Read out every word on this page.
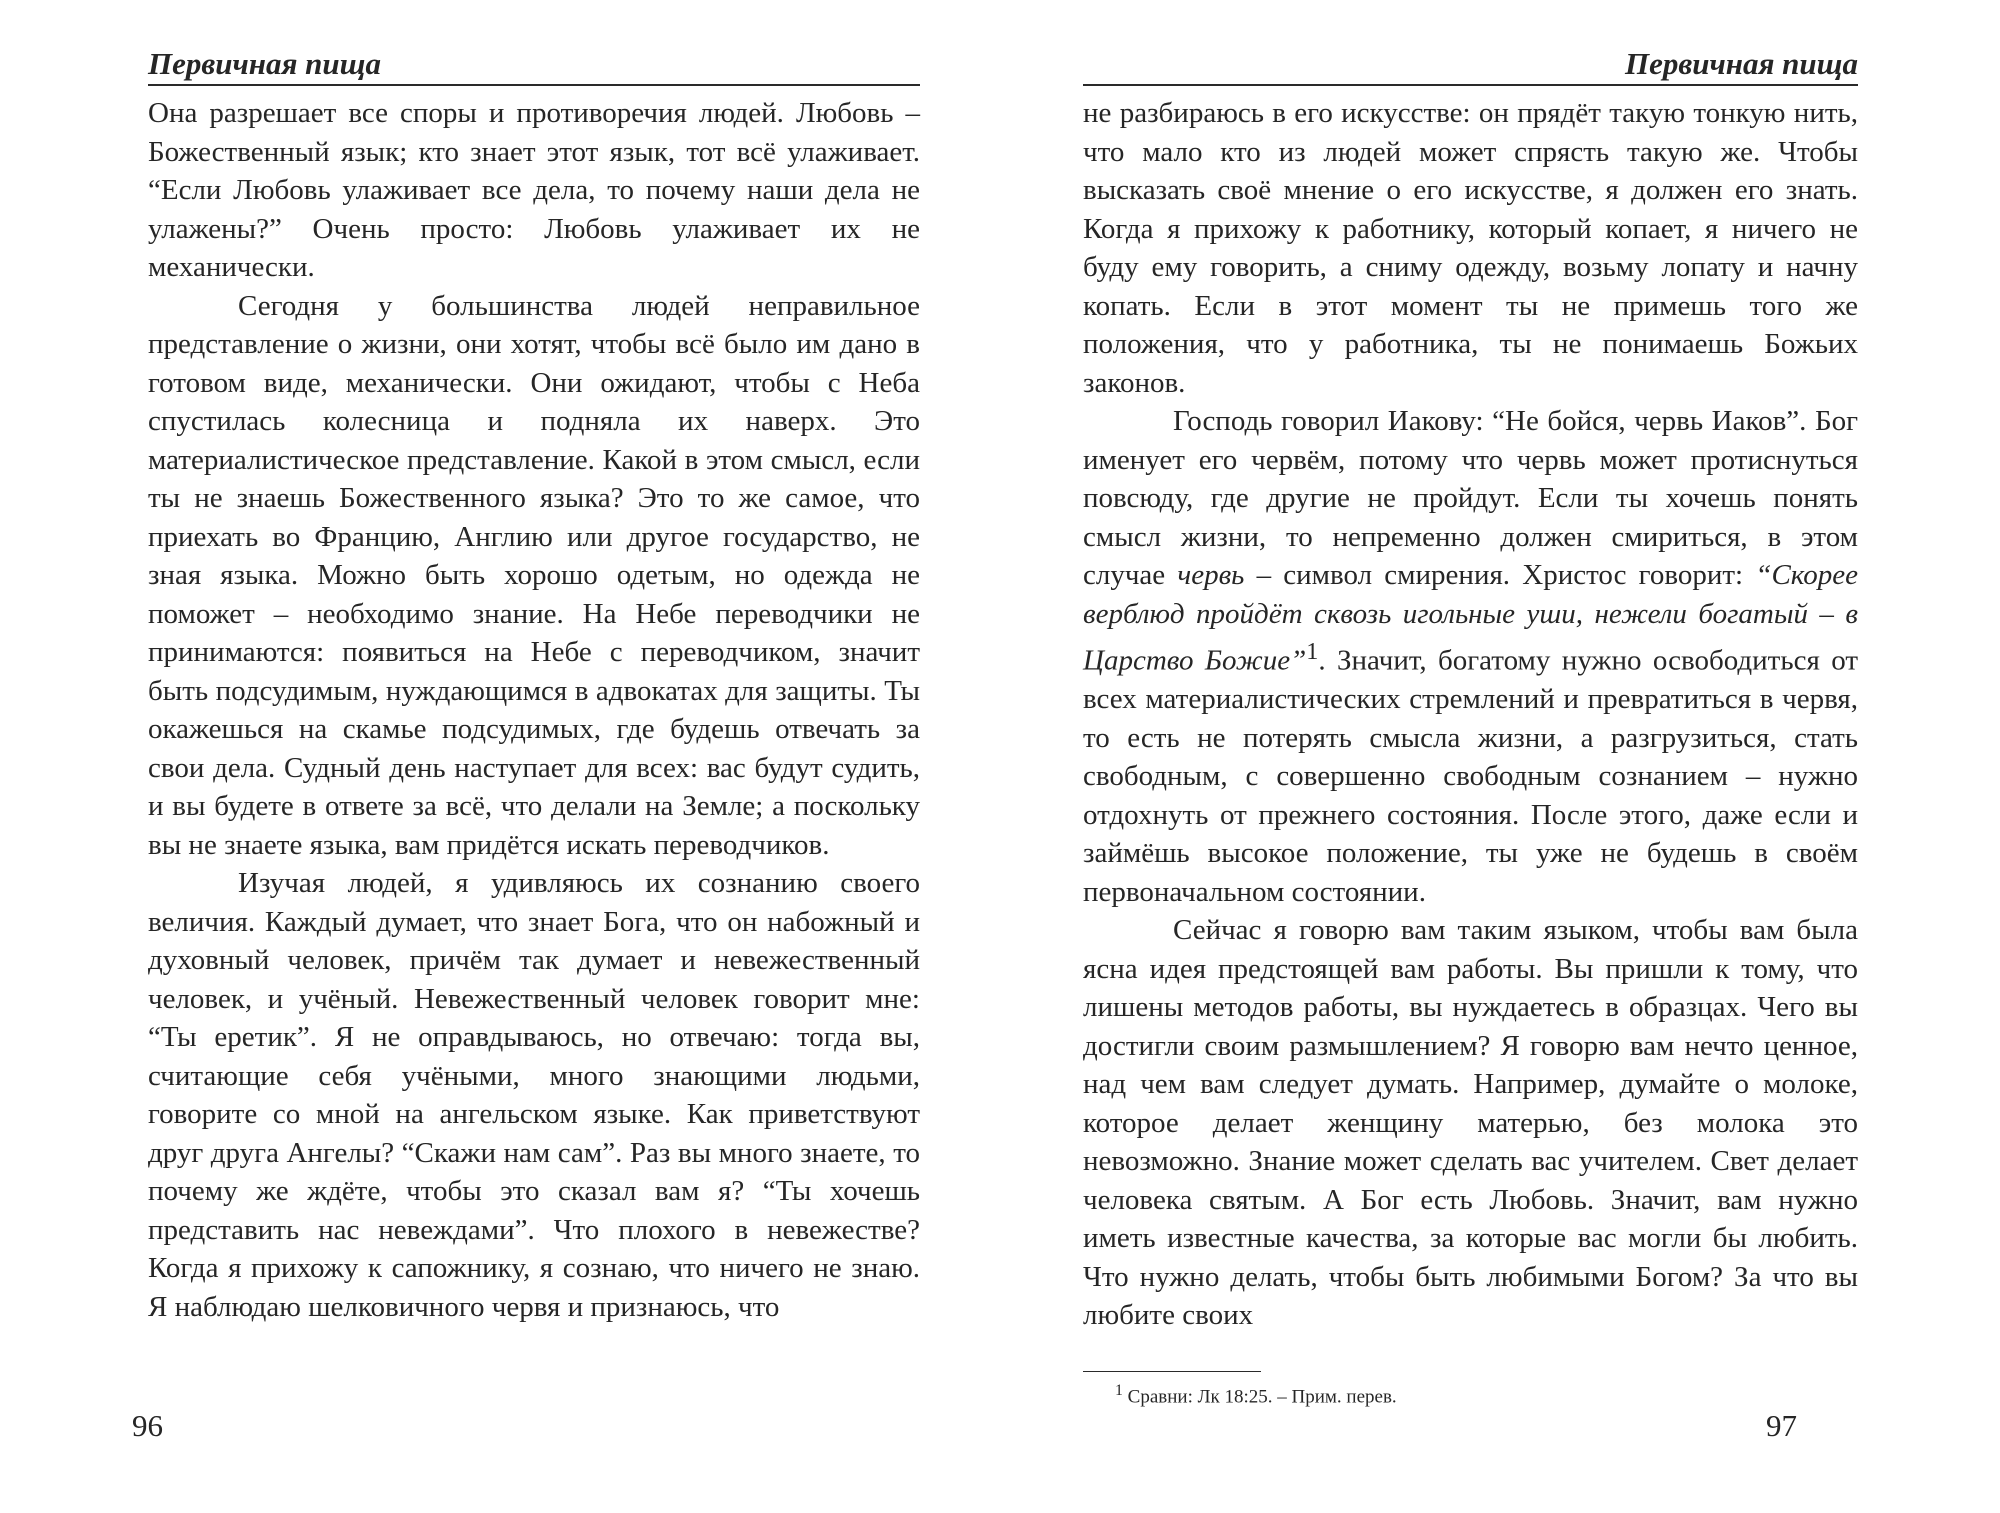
Первичная пища

Она разрешает все споры и противоречия людей. Любовь – Божественный язык; кто знает этот язык, тот всё улаживает. “Если Любовь улаживает все дела, то почему наши дела не улажены?” Очень просто: Любовь улаживает их не механически.

Сегодня у большинства людей неправильное представление о жизни, они хотят, чтобы всё было им дано в готовом виде, механически. Они ожидают, чтобы с Неба спустилась колесница и подняла их наверх. Это материалистическое представление. Какой в этом смысл, если ты не знаешь Божественного языка? Это то же самое, что приехать во Францию, Англию или другое государство, не зная языка. Можно быть хорошо одетым, но одежда не поможет – необходимо знание. На Небе переводчики не принимаются: появиться на Небе с переводчиком, значит быть подсудимым, нуждающимся в адвокатах для защиты. Ты окажешься на скамье подсудимых, где будешь отвечать за свои дела. Судный день наступает для всех: вас будут судить, и вы будете в ответе за всё, что делали на Земле; а поскольку вы не знаете языка, вам придётся искать переводчиков.

Изучая людей, я удивляюсь их сознанию своего величия. Каждый думает, что знает Бога, что он набожный и духовный человек, причём так думает и невежественный человек, и учёный. Невежественный человек говорит мне: “Ты еретик”. Я не оправдываюсь, но отвечаю: тогда вы, считающие себя учёными, много знающими людьми, говорите со мной на ангельском языке. Как приветствуют друг друга Ангелы? “Скажи нам сам”. Раз вы много знаете, то почему же ждёте, чтобы это сказал вам я? “Ты хочешь представить нас невеждами”. Что плохого в невежестве? Когда я прихожу к сапожнику, я сознаю, что ничего не знаю. Я наблюдаю шелковичного червя и признаюсь, что

96
Первичная пища

не разбираюсь в его искусстве: он прядёт такую тонкую нить, что мало кто из людей может спрясть такую же. Чтобы высказать своё мнение о его искусстве, я должен его знать. Когда я прихожу к работнику, который копает, я ничего не буду ему говорить, а сниму одежду, возьму лопату и начну копать. Если в этот момент ты не примешь того же положения, что у работника, ты не понимаешь Божьих законов.

Господь говорил Иакову: “Не бойся, червь Иаков”. Бог именует его червём, потому что червь может протиснуться повсюду, где другие не пройдут. Если ты хочешь понять смысл жизни, то непременно должен смириться, в этом случае червь – символ смирения. Христос говорит: “Скорее верблюд пройдёт сквозь игольные уши, нежели богатый – в Царство Божие”$^1$. Значит, богатому нужно освободиться от всех материалистических стремлений и превратиться в червя, то есть не потерять смысла жизни, а разгрузиться, стать свободным, с совершенно свободным сознанием – нужно отдохнуть от прежнего состояния. После этого, даже если и займёшь высокое положение, ты уже не будешь в своём первоначальном состоянии.

Сейчас я говорю вам таким языком, чтобы вам была ясна идея предстоящей вам работы. Вы пришли к тому, что лишены методов работы, вы нуждаетесь в образцах. Чего вы достигли своим размышлением? Я говорю вам нечто ценное, над чем вам следует думать. Например, думайте о молоке, которое делает женщину матерью, без молока это невозможно. Знание может сделать вас учителем. Свет делает человека святым. А Бог есть Любовь. Значит, вам нужно иметь известные качества, за которые вас могли бы любить. Что нужно делать, чтобы быть любимыми Богом? За что вы любите своих

$^1$ Сравни: Лк 18:25. – Прим. перев.
97
